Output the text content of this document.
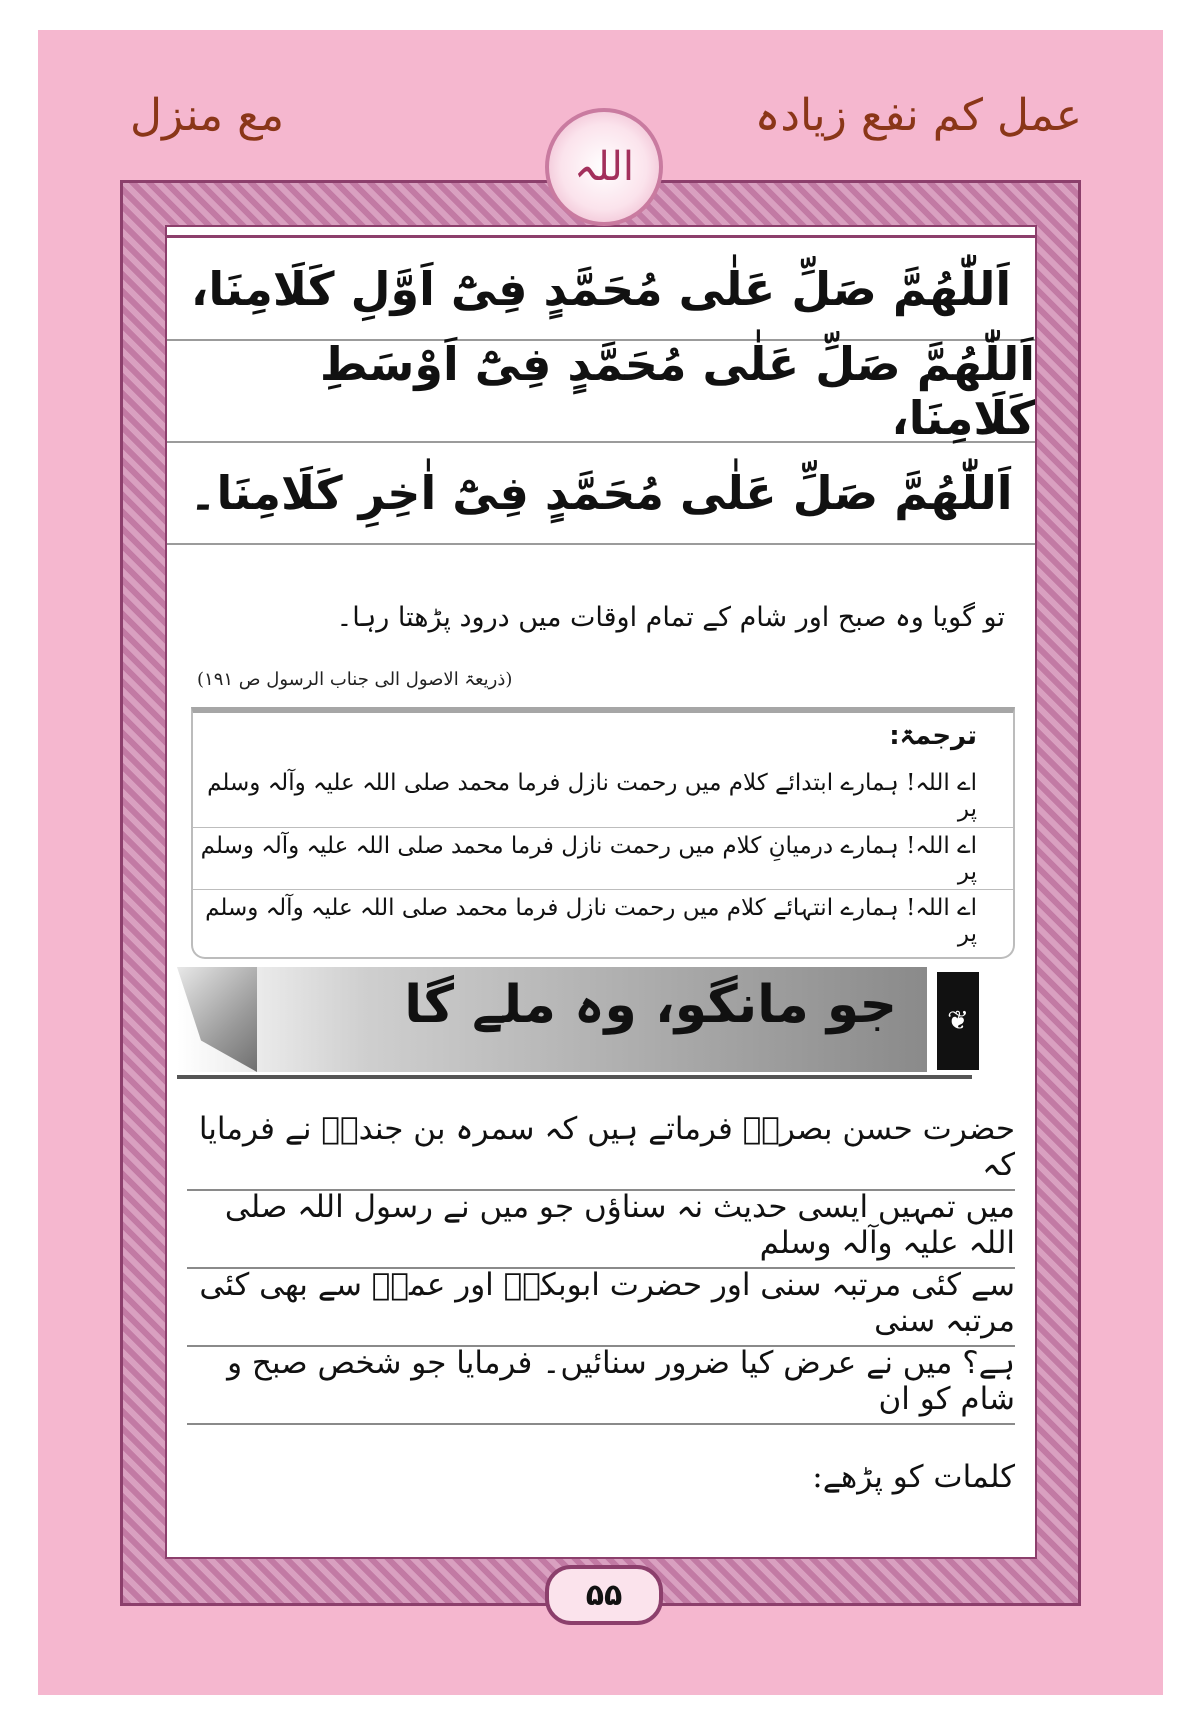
عمل کم نفع زیادہ
مع منزل
اللہ
اَللّٰھُمَّ صَلِّ عَلٰی مُحَمَّدٍ فِیْٓ اَوَّلِ کَلَامِنَا،
اَللّٰھُمَّ صَلِّ عَلٰی مُحَمَّدٍ فِیْٓ اَوْسَطِ کَلَامِنَا،
اَللّٰھُمَّ صَلِّ عَلٰی مُحَمَّدٍ فِیْٓ اٰخِرِ کَلَامِنَا۔
تو گویا وہ صبح اور شام کے تمام اوقات میں درود پڑھتا رہا۔
(ذریعۃ الاصول الی جناب الرسول ص ۱۹۱)
ترجمۃ:
اے اللہ! ہمارے ابتدائے کلام میں رحمت نازل فرما محمد صلی اللہ علیہ وآلہ وسلم پر
اے اللہ! ہمارے درمیانِ کلام میں رحمت نازل فرما محمد صلی اللہ علیہ وآلہ وسلم پر
اے اللہ! ہمارے انتہائے کلام میں رحمت نازل فرما محمد صلی اللہ علیہ وآلہ وسلم پر
جو مانگو، وہ ملے گا	❦
حضرت حسن بصریؒ فرماتے ہیں کہ سمرہ بن جندبؓ نے فرمایا کہ
میں تمہیں ایسی حدیث نہ سناؤں جو میں نے رسول اللہ صلی اللہ علیہ وآلہ وسلم
سے کئی مرتبہ سنی اور حضرت ابوبکرؓ اور عمرؓ سے بھی کئی مرتبہ سنی
ہے؟ میں نے عرض کیا ضرور سنائیں۔ فرمایا جو شخص صبح و شام کو ان
کلمات کو پڑھے:
۵۵
